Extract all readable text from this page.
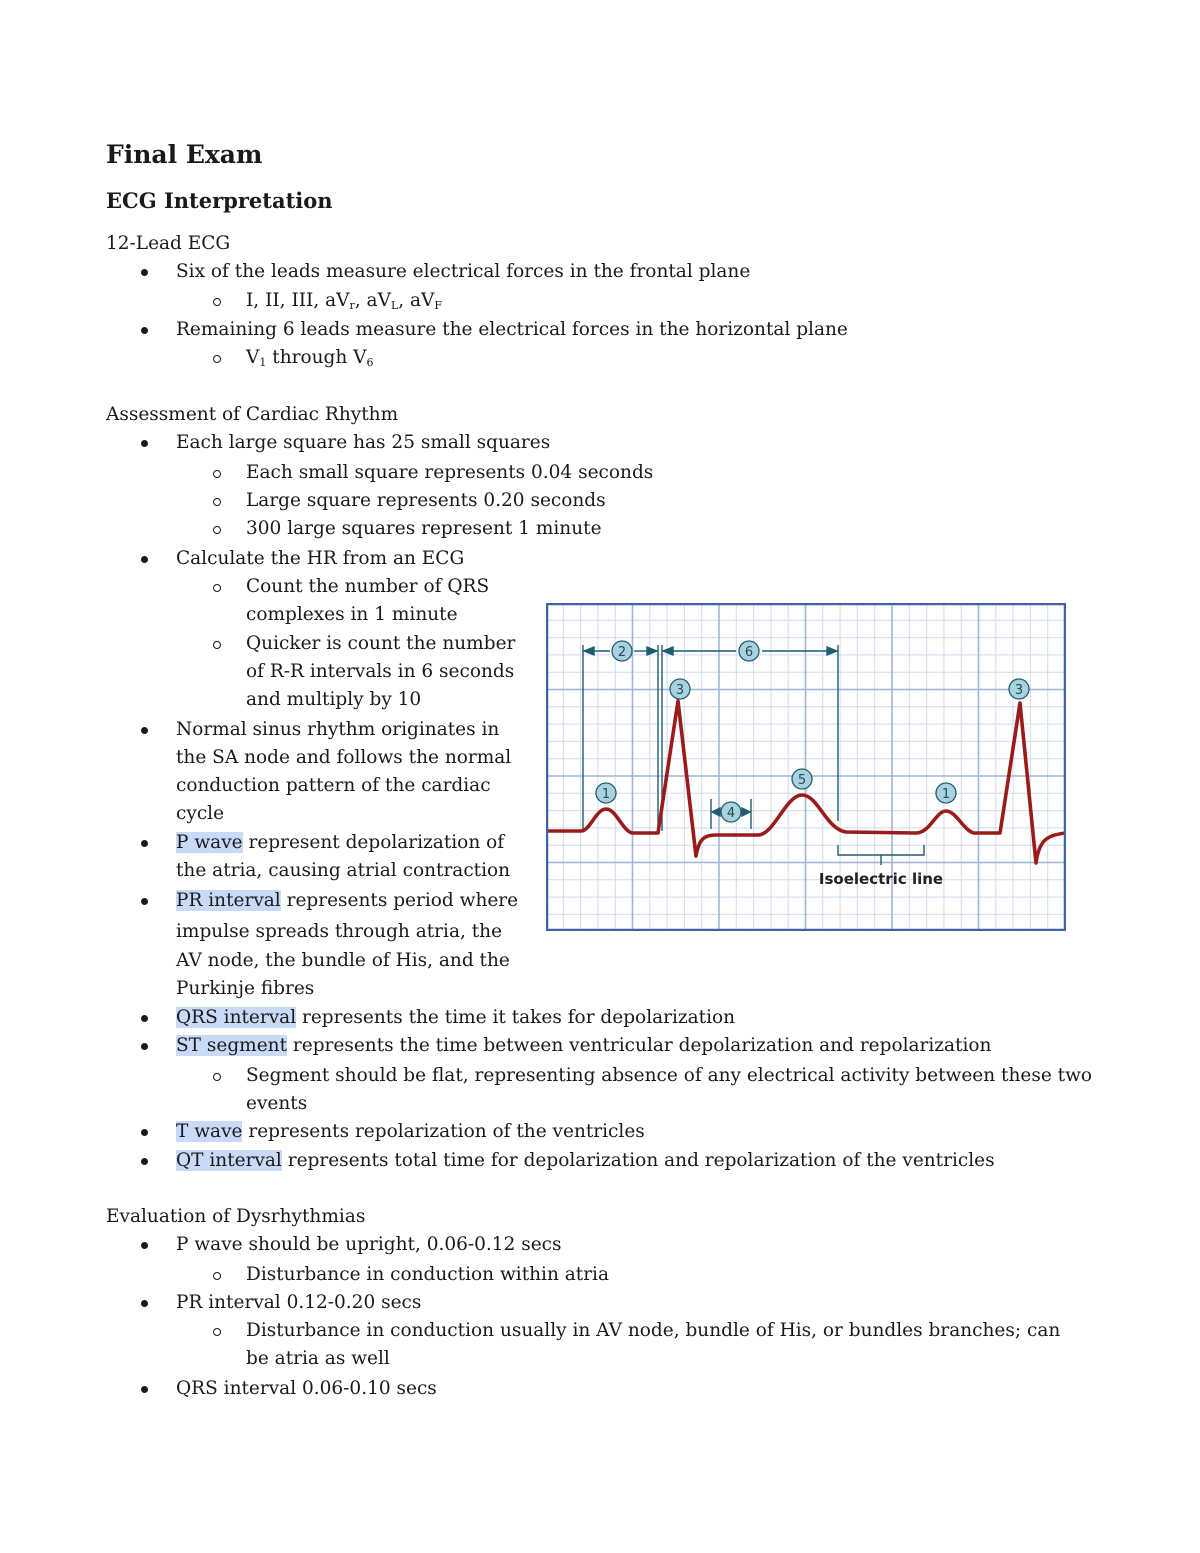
Final Exam
ECG Interpretation
12-Lead ECG
Six of the leads measure electrical forces in the frontal plane
I, II, III, $aV_r$, $aV_L$, $aV_F$
Remaining 6 leads measure the electrical forces in the horizontal plane
$V_1$ through $V_6$
Assessment of Cardiac Rhythm
Each large square has 25 small squares
Each small square represents 0.04 seconds
Large square represents 0.20 seconds
300 large squares represent 1 minute
Calculate the HR from an ECG
Count the number of QRS
complexes in 1 minute
Quicker is count the number
of R-R intervals in 6 seconds
and multiply by 10
Normal sinus rhythm originates in
the SA node and follows the normal
conduction pattern of the cardiac
cycle
P wave represent depolarization of
the atria, causing atrial contraction
PR interval represents period where
impulse spreads through atria, the
AV node, the bundle of His, and the
Purkinje fibres
QRS interval represents the time it takes for depolarization
ST segment represents the time between ventricular depolarization and repolarization
Segment should be flat, representing absence of any electrical activity between these two
events
T wave represents repolarization of the ventricles
QT interval represents total time for depolarization and repolarization of the ventricles
Evaluation of Dysrhythmias
P wave should be upright, 0.06-0.12 secs
Disturbance in conduction within atria
PR interval 0.12-0.20 secs
Disturbance in conduction usually in AV node, bundle of His, or bundles branches; can
be atria as well
QRS interval 0.06-0.10 secs
Isoelectric line
2	6
3	3
5
1	1
4
